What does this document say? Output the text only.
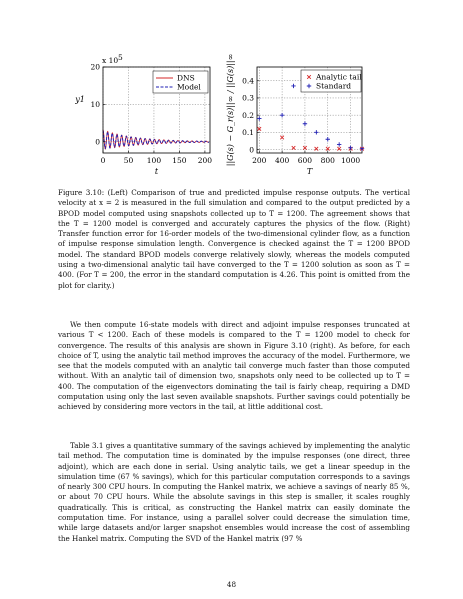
0 50 100 150 200
0
10
20
x 10 5
t
y1
DNS
Model
200 400 600 800 1000
0
0.1
0.2
0.3
0.4
T
||G(s) − G_r(s)||∞ / ||G(s)||∞	Analytic tail
Standard
Figure 3.10: (Left) Comparison of true and predicted impulse response outputs. The vertical velocity at x = 2 is measured in the full simulation and compared to the output predicted by a BPOD model computed using snapshots collected up to T = 1200. The agreement shows that the T = 1200 model is converged and accurately captures the physics of the flow. (Right) Transfer function error for 16-order models of the two-dimensional cylinder flow, as a function of impulse response simulation length. Convergence is checked against the T = 1200 BPOD model. The standard BPOD models converge relatively slowly, whereas the models computed using a two-dimensional analytic tail have converged to the T = 1200 solution as soon as T = 400. (For T = 200, the error in the standard computation is 4.26. This point is omitted from the plot for clarity.)

We then compute 16-state models with direct and adjoint impulse responses truncated at various T < 1200. Each of these models is compared to the T = 1200 model to check for convergence. The results of this analysis are shown in Figure 3.10 (right). As before, for each choice of T, using the analytic tail method improves the accuracy of the model. Furthermore, we see that the models computed with an analytic tail converge much faster than those computed without. With an analytic tail of dimension two, snapshots only need to be collected up to T = 400. The computation of the eigenvectors dominating the tail is fairly cheap, requiring a DMD computation using only the last seven available snapshots. Further savings could potentially be achieved by considering more vectors in the tail, at little additional cost.

Table 3.1 gives a quantitative summary of the savings achieved by implementing the analytic tail method. The computation time is dominated by the impulse responses (one direct, three adjoint), which are each done in serial. Using analytic tails, we get a linear speedup in the simulation time (67 % savings), which for this particular computation corresponds to a savings of nearly 300 CPU hours. In computing the Hankel matrix, we achieve a savings of nearly 85 %, or about 70 CPU hours. While the absolute savings in this step is smaller, it scales roughly quadratically. This is critical, as constructing the Hankel matrix can easily dominate the computation time. For instance, using a parallel solver could decrease the simulation time, while large datasets and/or larger snapshot ensembles would increase the cost of assembling the Hankel matrix. Computing the SVD of the Hankel matrix (97 %

48
